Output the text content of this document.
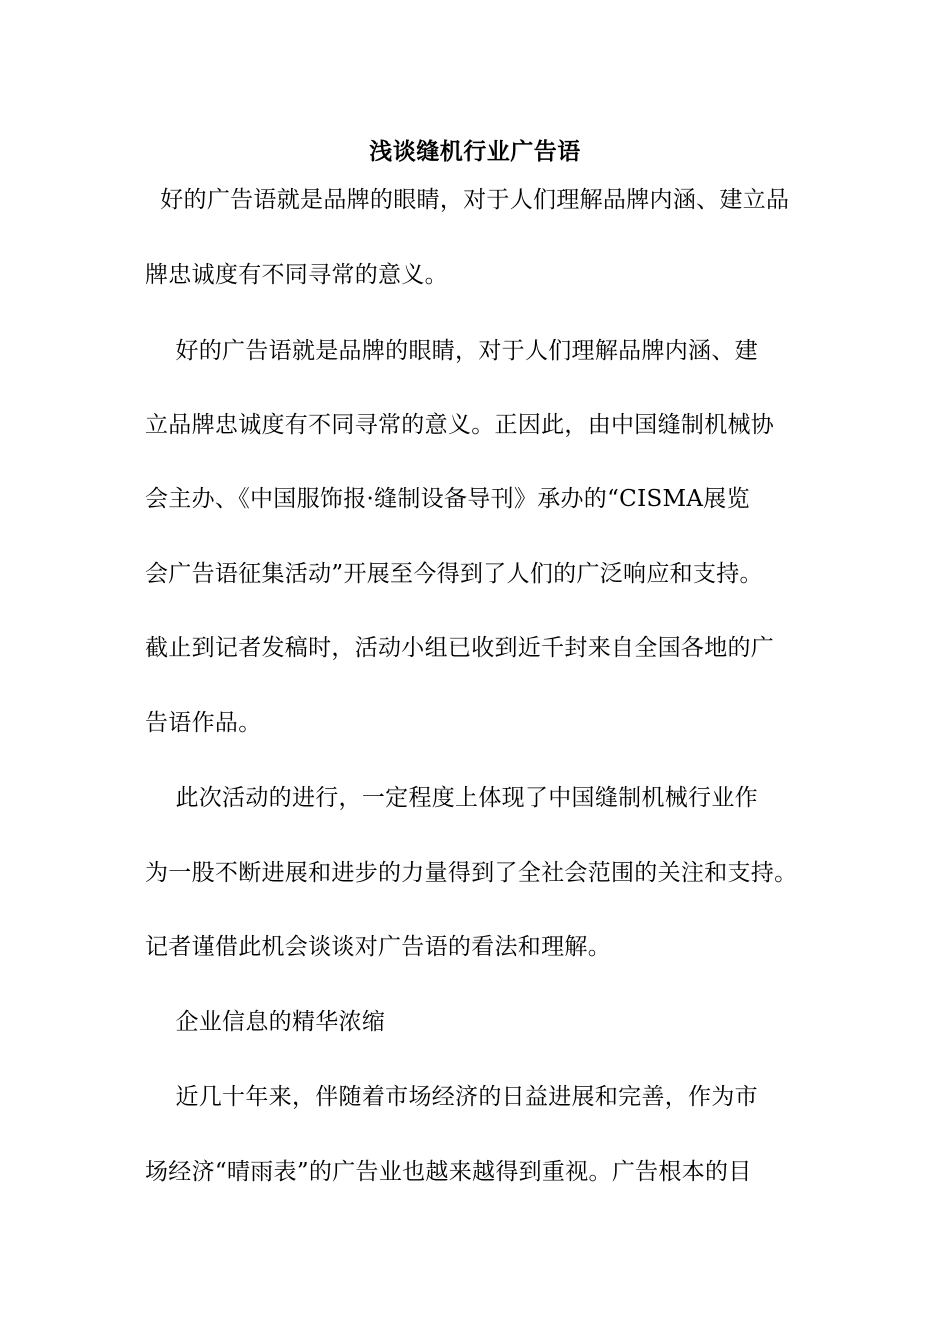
浅谈缝机行业广告语
好的广告语就是品牌的眼睛，对于人们理解品牌内涵、建立品
牌忠诚度有不同寻常的意义。
好的广告语就是品牌的眼睛，对于人们理解品牌内涵、建
立品牌忠诚度有不同寻常的意义。正因此，由中国缝制机械协
会主办、《中国服饰报·缝制设备导刊》承办的“CISMA展览
会广告语征集活动”开展至今得到了人们的广泛响应和支持。
截止到记者发稿时，活动小组已收到近千封来自全国各地的广
告语作品。
此次活动的进行，一定程度上体现了中国缝制机械行业作
为一股不断进展和进步的力量得到了全社会范围的关注和支持。
记者谨借此机会谈谈对广告语的看法和理解。
企业信息的精华浓缩
近几十年来，伴随着市场经济的日益进展和完善，作为市
场经济“晴雨表”的广告业也越来越得到重视。广告根本的目
